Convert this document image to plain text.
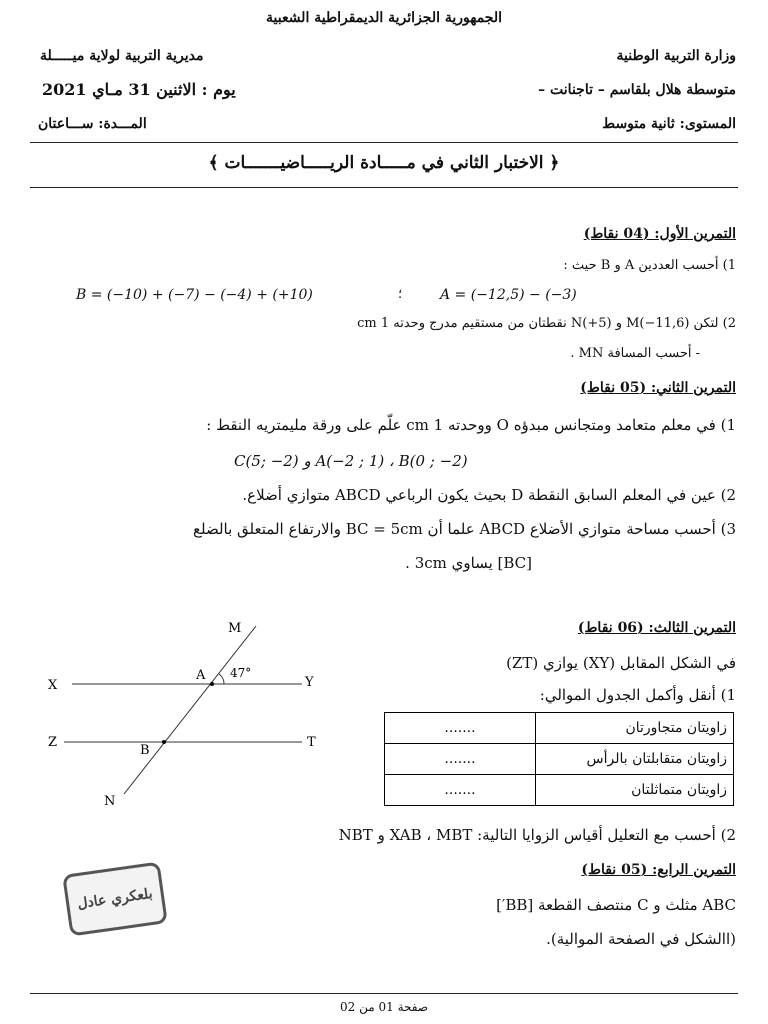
الجمهورية الجزائرية الديمقراطية الشعبية
وزارة التربية الوطنية
مديرية التربية لولاية ميـــــلة
متوسطة هلال بلقاسم – تاجنانت –
يوم : الاثنين 31 مـاي 2021
المستوى: ثانية متوسط
المـــدة: ســـاعتان
﴿ الاختبار الثاني في مـــــادة الريـــــاضيـــــــات ﴾
التمرين الأول: (04 نقاط)
1) أحسب العددين A و B حيث :
B = (−10) + (−7) − (−4) + (+10)	؛	A = (−12,5) − (−3)
2) لتكن M(−11,6) و N(+5) نقطتان من مستقيم مدرج وحدته 1 cm
- أحسب المسافة MN .
التمرين الثاني: (05 نقاط)
1) في معلم متعامد ومتجانس مبدؤه O ووحدته 1 cm علّم على ورقة مليمتريه النقط :
A(−2 ; 1) ، B(0 ; −2) و C(5; −2)
2) عين في المعلم السابق النقطة D بحيث يكون الرباعي ABCD متوازي أضلاع.
3) أحسب مساحة متوازي الأضلاع ABCD علما أن BC = 5cm والارتفاع المتعلق بالضلع
[BC] يساوي 3cm .
M
X	Y
A 47°
Z	T
B
N
التمرين الثالث: (06 نقاط)
في الشكل المقابل (XY) يوازي (ZT)
1) أنقل وأكمل الجدول الموالي:
.......	زاويتان متجاورتان
.......	زاويتان متقابلتان بالرأس
.......	زاويتان متماثلتان
2) أحسب مع التعليل أقياس الزوايا التالية: XAB ، MBT و NBT
التمرين الرابع: (05 نقاط)
ABC مثلث و C منتصف القطعة [BB′]
(االشكل في الصفحة الموالية).
بلعكري عادل
صفحة 01 من 02
